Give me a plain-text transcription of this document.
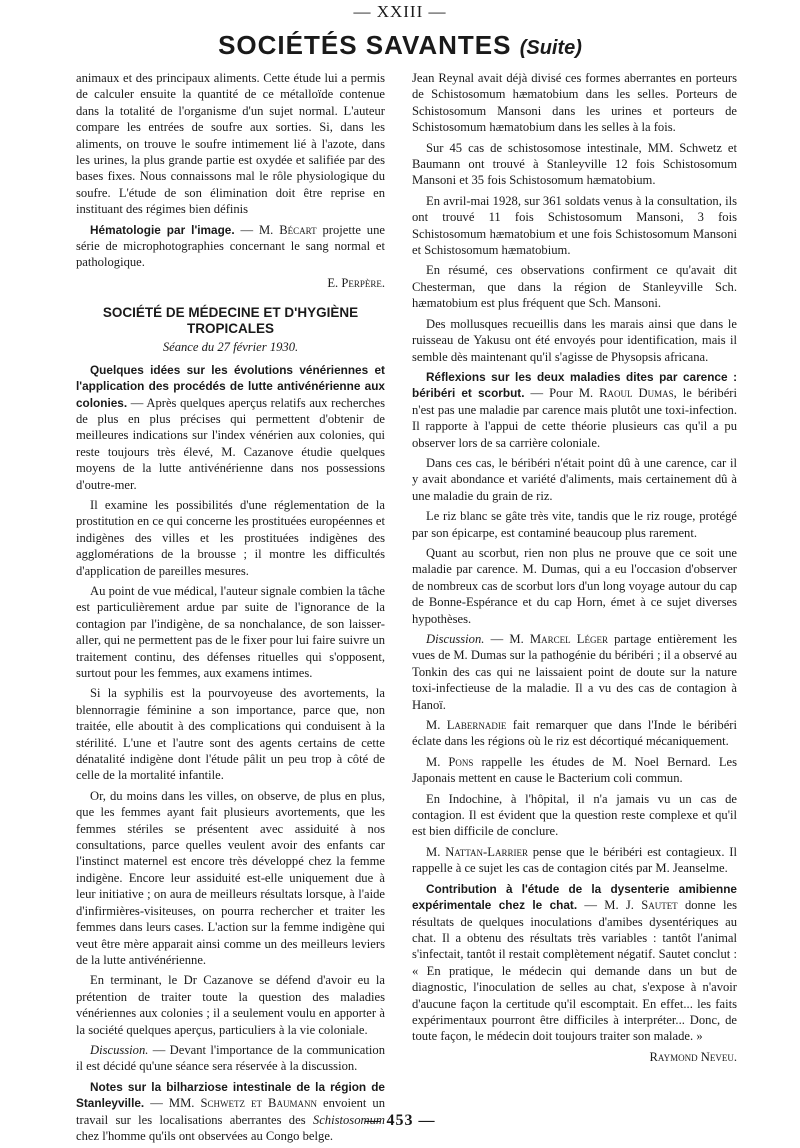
— XXIII —
SOCIÉTÉS SAVANTES (Suite)

animaux et des principaux aliments. Cette étude lui a permis de calculer ensuite la quantité de ce métalloïde contenue dans la totalité de l'organisme d'un sujet normal. L'auteur compare les entrées de soufre aux sorties. Si, dans les aliments, on trouve le soufre intimement lié à l'azote, dans les urines, la plus grande partie est oxydée et salifiée par des bases fixes. Nous connaissons mal le rôle physiologique du soufre. L'étude de son élimination doit être reprise en instituant des régimes bien définis

Hématologie par l'image. — M. Bécart projette une série de microphotographies concernant le sang normal et pathologique.

E. Perpère.

SOCIÉTÉ DE MÉDECINE ET D'HYGIÈNE
TROPICALES
Séance du 27 février 1930.

Quelques idées sur les évolutions vénériennes et l'application des procédés de lutte antivénérienne aux colonies. — Après quelques aperçus relatifs aux recherches de plus en plus précises qui permettent d'obtenir de meilleures indications sur l'index vénérien aux colonies, qui reste toujours très élevé, M. Cazanove étudie quelques moyens de la lutte antivénérienne dans nos possessions d'outre-mer.

Il examine les possibilités d'une réglementation de la prostitution en ce qui concerne les prostituées européennes et indigènes des villes et les prostituées indigènes des agglomérations de la brousse ; il montre les difficultés d'application de pareilles mesures.

Au point de vue médical, l'auteur signale combien la tâche est particulièrement ardue par suite de l'ignorance de la contagion par l'indigène, de sa nonchalance, de son laisser-aller, qui ne permettent pas de le fixer pour lui faire suivre un traitement continu, des défenses rituelles qui s'opposent, surtout pour les femmes, aux examens intimes.

Si la syphilis est la pourvoyeuse des avortements, la blennorragie féminine a son importance, parce que, non traitée, elle aboutit à des complications qui conduisent à la stérilité. L'une et l'autre sont des agents certains de cette dénatalité indigène dont l'étude pâlit un peu trop à côté de celle de la mortalité infantile.

Or, du moins dans les villes, on observe, de plus en plus, que les femmes ayant fait plusieurs avortements, que les femmes stériles se présentent avec assiduité à nos consultations, parce quelles veulent avoir des enfants car l'instinct maternel est encore très développé chez la femme indigène. Encore leur assiduité est-elle uniquement due à leur initiative ; on aura de meilleurs résultats lorsque, à l'aide d'infirmières-visiteuses, on pourra rechercher et traiter les femmes dans leurs cases. L'action sur la femme indigène qui veut être mère apparait ainsi comme un des meilleurs leviers de la lutte antivénérienne.

En terminant, le Dr Cazanove se défend d'avoir eu la prétention de traiter toute la question des maladies vénériennes aux colonies ; il a seulement voulu en apporter à la société quelques aperçus, particuliers à la vie coloniale.

Discussion. — Devant l'importance de la communication il est décidé qu'une séance sera réservée à la discussion.

Notes sur la bilharziose intestinale de la région de Stanleyville. — MM. Schwetz et Baumann envoient un travail sur les localisations aberrantes des Schistosomum chez l'homme qu'ils ont observées au Congo belge.

Jean Reynal avait déjà divisé ces formes aberrantes en porteurs de Schistosomum hæmatobium dans les selles. Porteurs de Schistosomum Mansoni dans les urines et porteurs de Schistosomum hæmatobium dans les selles à la fois.

Sur 45 cas de schistosomose intestinale, MM. Schwetz et Baumann ont trouvé à Stanleyville 12 fois Schistosomum Mansoni et 35 fois Schistosomum hæmatobium.

En avril-mai 1928, sur 361 soldats venus à la consultation, ils ont trouvé 11 fois Schistosomum Mansoni, 3 fois Schistosomum hæmatobium et une fois Schistosomum Mansoni et Schistosomum hæmatobium.

En résumé, ces observations confirment ce qu'avait dit Chesterman, que dans la région de Stanleyville Sch. hæmatobium est plus fréquent que Sch. Mansoni.

Des mollusques recueillis dans les marais ainsi que dans le ruisseau de Yakusu ont été envoyés pour identification, mais il semble dès maintenant qu'il s'agisse de Physopsis africana.

Réflexions sur les deux maladies dites par carence : béribéri et scorbut. — Pour M. Raoul Dumas, le béribéri n'est pas une maladie par carence mais plutôt une toxi-infection. Il rapporte à l'appui de cette théorie plusieurs cas qu'il a pu observer lors de sa carrière coloniale.

Dans ces cas, le béribéri n'était point dû à une carence, car il y avait abondance et variété d'aliments, mais certainement dû à une maladie du grain de riz.

Le riz blanc se gâte très vite, tandis que le riz rouge, protégé par son épicarpe, est contaminé beaucoup plus rarement.

Quant au scorbut, rien non plus ne prouve que ce soit une maladie par carence. M. Dumas, qui a eu l'occasion d'observer de nombreux cas de scorbut lors d'un long voyage autour du cap de Bonne-Espérance et du cap Horn, émet à ce sujet diverses hypothèses.

Discussion. — M. Marcel Léger partage entièrement les vues de M. Dumas sur la pathogénie du béribéri ; il a observé au Tonkin des cas qui ne laissaient point de doute sur la nature toxi-infectieuse de la maladie. Il a vu des cas de contagion à Hanoï.

M. Labernadie fait remarquer que dans l'Inde le béribéri éclate dans les régions où le riz est décortiqué mécaniquement.

M. Pons rappelle les études de M. Noel Bernard. Les Japonais mettent en cause le Bacterium coli commun.

En Indochine, à l'hôpital, il n'a jamais vu un cas de contagion. Il est évident que la question reste complexe et qu'il est bien difficile de conclure.

M. Nattan-Larrier pense que le béribéri est contagieux. Il rappelle à ce sujet les cas de contagion cités par M. Jeanselme.

Contribution à l'étude de la dysenterie amibienne expérimentale chez le chat. — M. J. Sautet donne les résultats de quelques inoculations d'amibes dysentériques au chat. Il a obtenu des résultats très variables : tantôt l'animal s'infectait, tantôt il restait complètement négatif. Sautet conclut : « En pratique, le médecin qui demande dans un but de diagnostic, l'inoculation de selles au chat, s'expose à n'avoir d'aucune façon la certitude qu'il escomptait. En effet... les faits expérimentaux pourront être difficiles à interpréter... Donc, de toute façon, le médecin doit toujours traiter son malade. »

Raymond Neveu.

— 453 —
